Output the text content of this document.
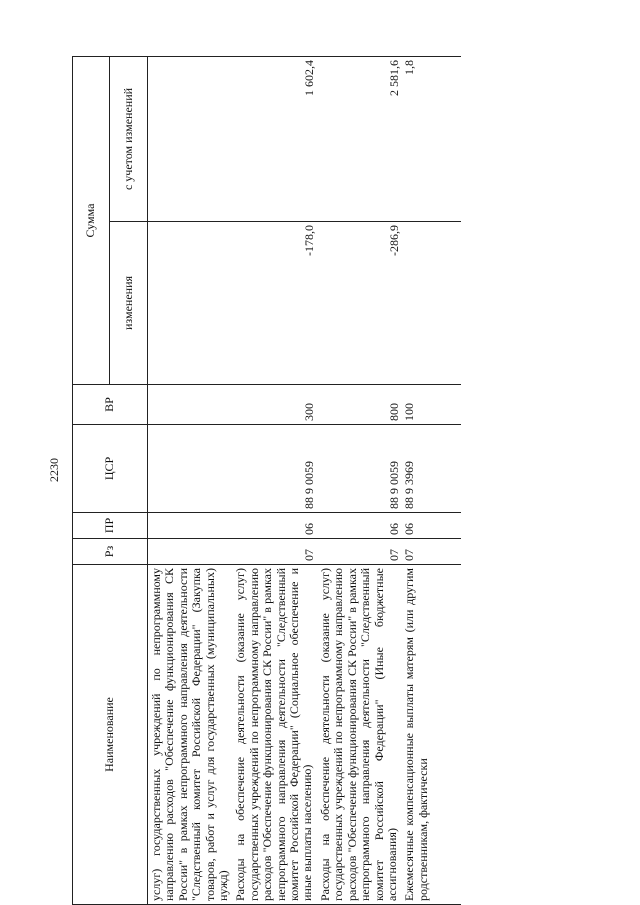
2230
Наименование	Рз	ПР	ЦСР	ВР	Сумма	
					изменения	с учетом изменений
услуг) государственных учреждений по непрограммному направлению расходов "Обеспечение функционирования СК России" в рамках непрограммного направления деятельности "Следственный комитет Российской Федерации" (Закупка товаров, работ и услуг для государственных (муниципальных) нужд)						
Расходы на обеспечение деятельности (оказание услуг) государственных учреждений по непрограммному направлению расходов "Обеспечение функционирования СК России" в рамках непрограммного направления деятельности "Следственный комитет Российской Федерации" (Социальное обеспечение и иные выплаты населению)	07	06	88 9 0059	300	-178,0	1 602,4
Расходы на обеспечение деятельности (оказание услуг) государственных учреждений по непрограммному направлению расходов "Обеспечение функционирования СК России" в рамках непрограммного направления деятельности "Следственный комитет Российской Федерации" (Иные бюджетные ассигнования)	07	06	88 9 0059	800	-286,9	2 581,6
Ежемесячные компенсационные выплаты матерям (или другим родственникам, фактически	07	06	88 9 3969	100		1,8
